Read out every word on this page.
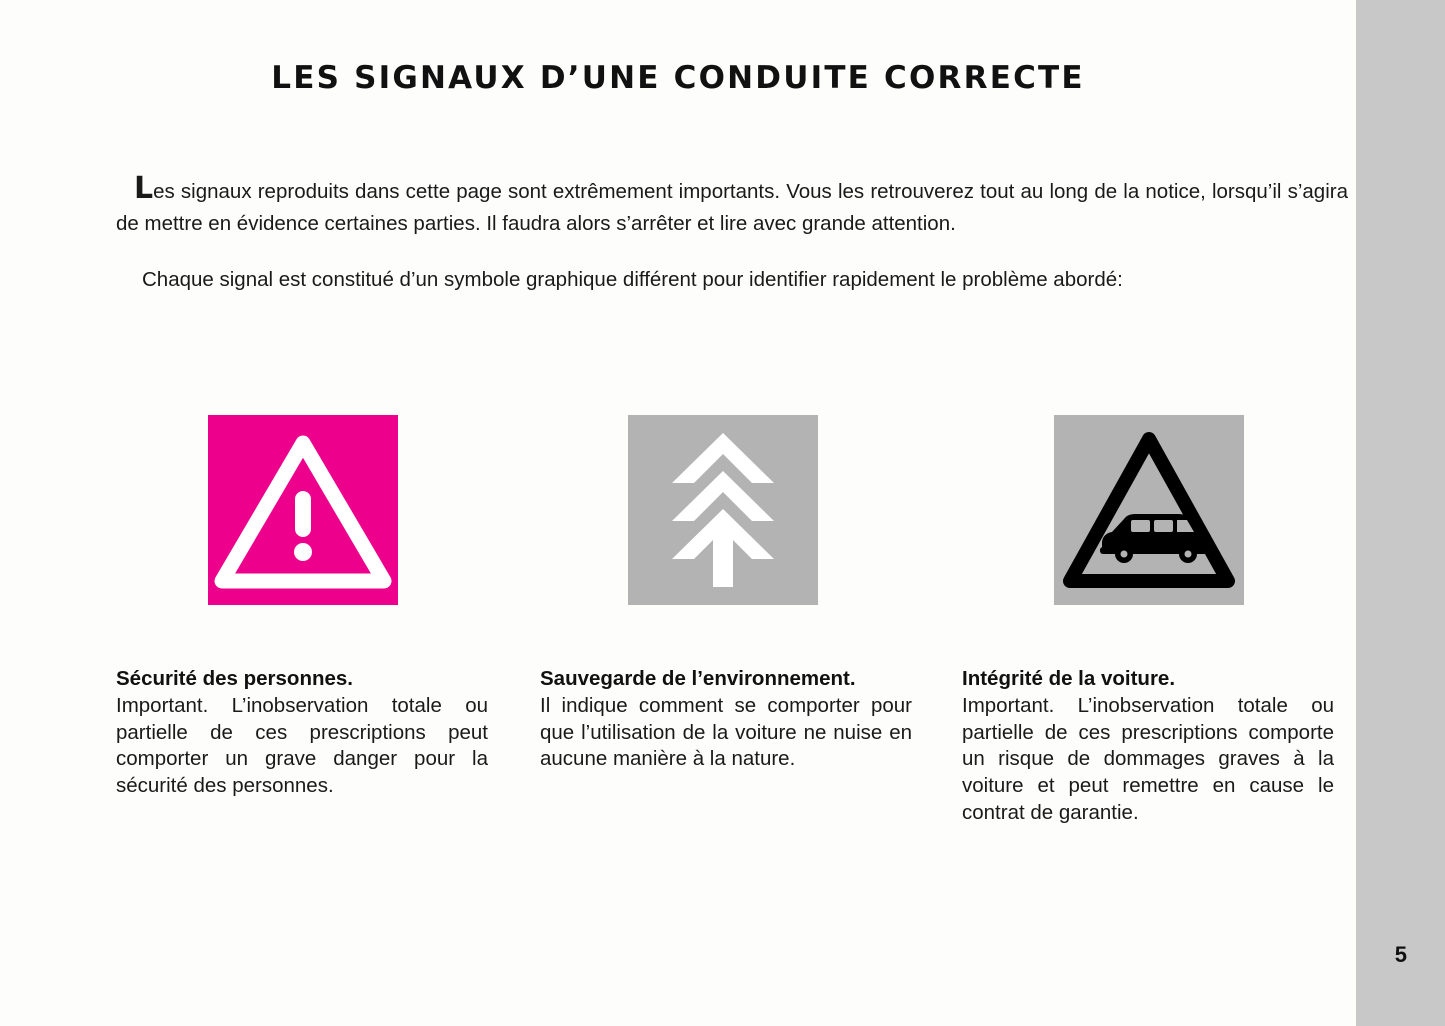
LES SIGNAUX D’UNE CONDUITE CORRECTE

Les signaux reproduits dans cette page sont extrêmement importants. Vous les retrouverez tout au long de la notice, lorsqu’il s’agira de mettre en évidence certaines parties. Il faudra alors s’arrêter et lire avec grande attention.

Chaque signal est constitué d’un symbole graphique différent pour identifier rapidement le problème abordé:

Sécurité des personnes.
Important. L’inobservation totale ou partielle de ces prescriptions peut comporter un grave danger pour la sécurité des personnes.
Sauvegarde de l’environnement.
Il indique comment se comporter pour que l’utilisation de la voiture ne nuise en aucune manière à la nature.
Intégrité de la voiture.
Important. L’inobservation totale ou partielle de ces prescriptions comporte un risque de dommages graves à la voiture et peut remettre en cause le contrat de garantie.
5
